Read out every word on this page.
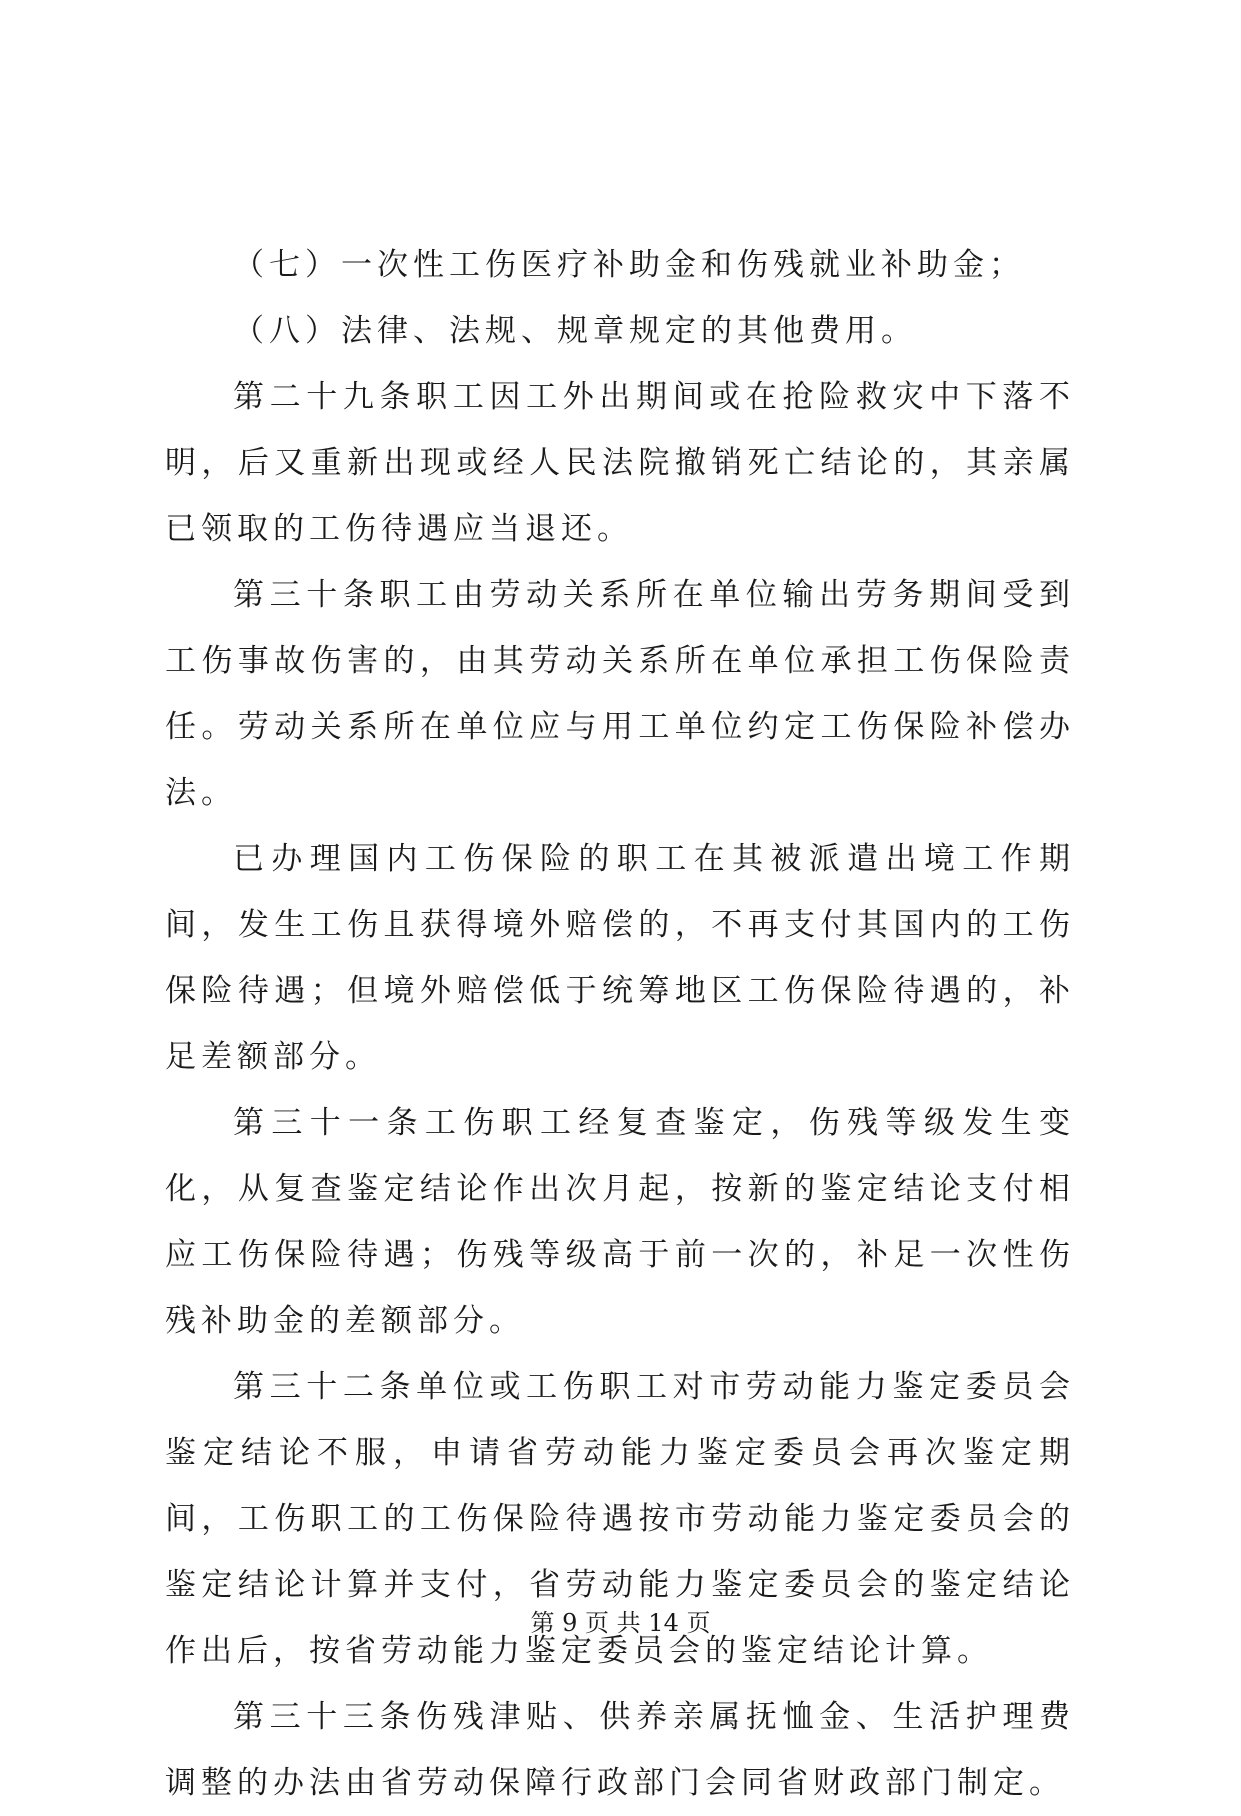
（七）一次性工伤医疗补助金和伤残就业补助金；

（八）法律、法规、规章规定的其他费用。

第二十九条职工因工外出期间或在抢险救灾中下落不明，后又重新出现或经人民法院撤销死亡结论的，其亲属已领取的工伤待遇应当退还。

第三十条职工由劳动关系所在单位输出劳务期间受到工伤事故伤害的，由其劳动关系所在单位承担工伤保险责任。劳动关系所在单位应与用工单位约定工伤保险补偿办法。

已办理国内工伤保险的职工在其被派遣出境工作期间，发生工伤且获得境外赔偿的，不再支付其国内的工伤保险待遇；但境外赔偿低于统筹地区工伤保险待遇的，补足差额部分。

第三十一条工伤职工经复查鉴定，伤残等级发生变化，从复查鉴定结论作出次月起，按新的鉴定结论支付相应工伤保险待遇；伤残等级高于前一次的，补足一次性伤残补助金的差额部分。

第三十二条单位或工伤职工对市劳动能力鉴定委员会鉴定结论不服，申请省劳动能力鉴定委员会再次鉴定期间，工伤职工的工伤保险待遇按市劳动能力鉴定委员会的鉴定结论计算并支付，省劳动能力鉴定委员会的鉴定结论作出后，按省劳动能力鉴定委员会的鉴定结论计算。

第三十三条伤残津贴、供养亲属抚恤金、生活护理费调整的办法由省劳动保障行政部门会同省财政部门制定。

第 9 页 共 14 页
